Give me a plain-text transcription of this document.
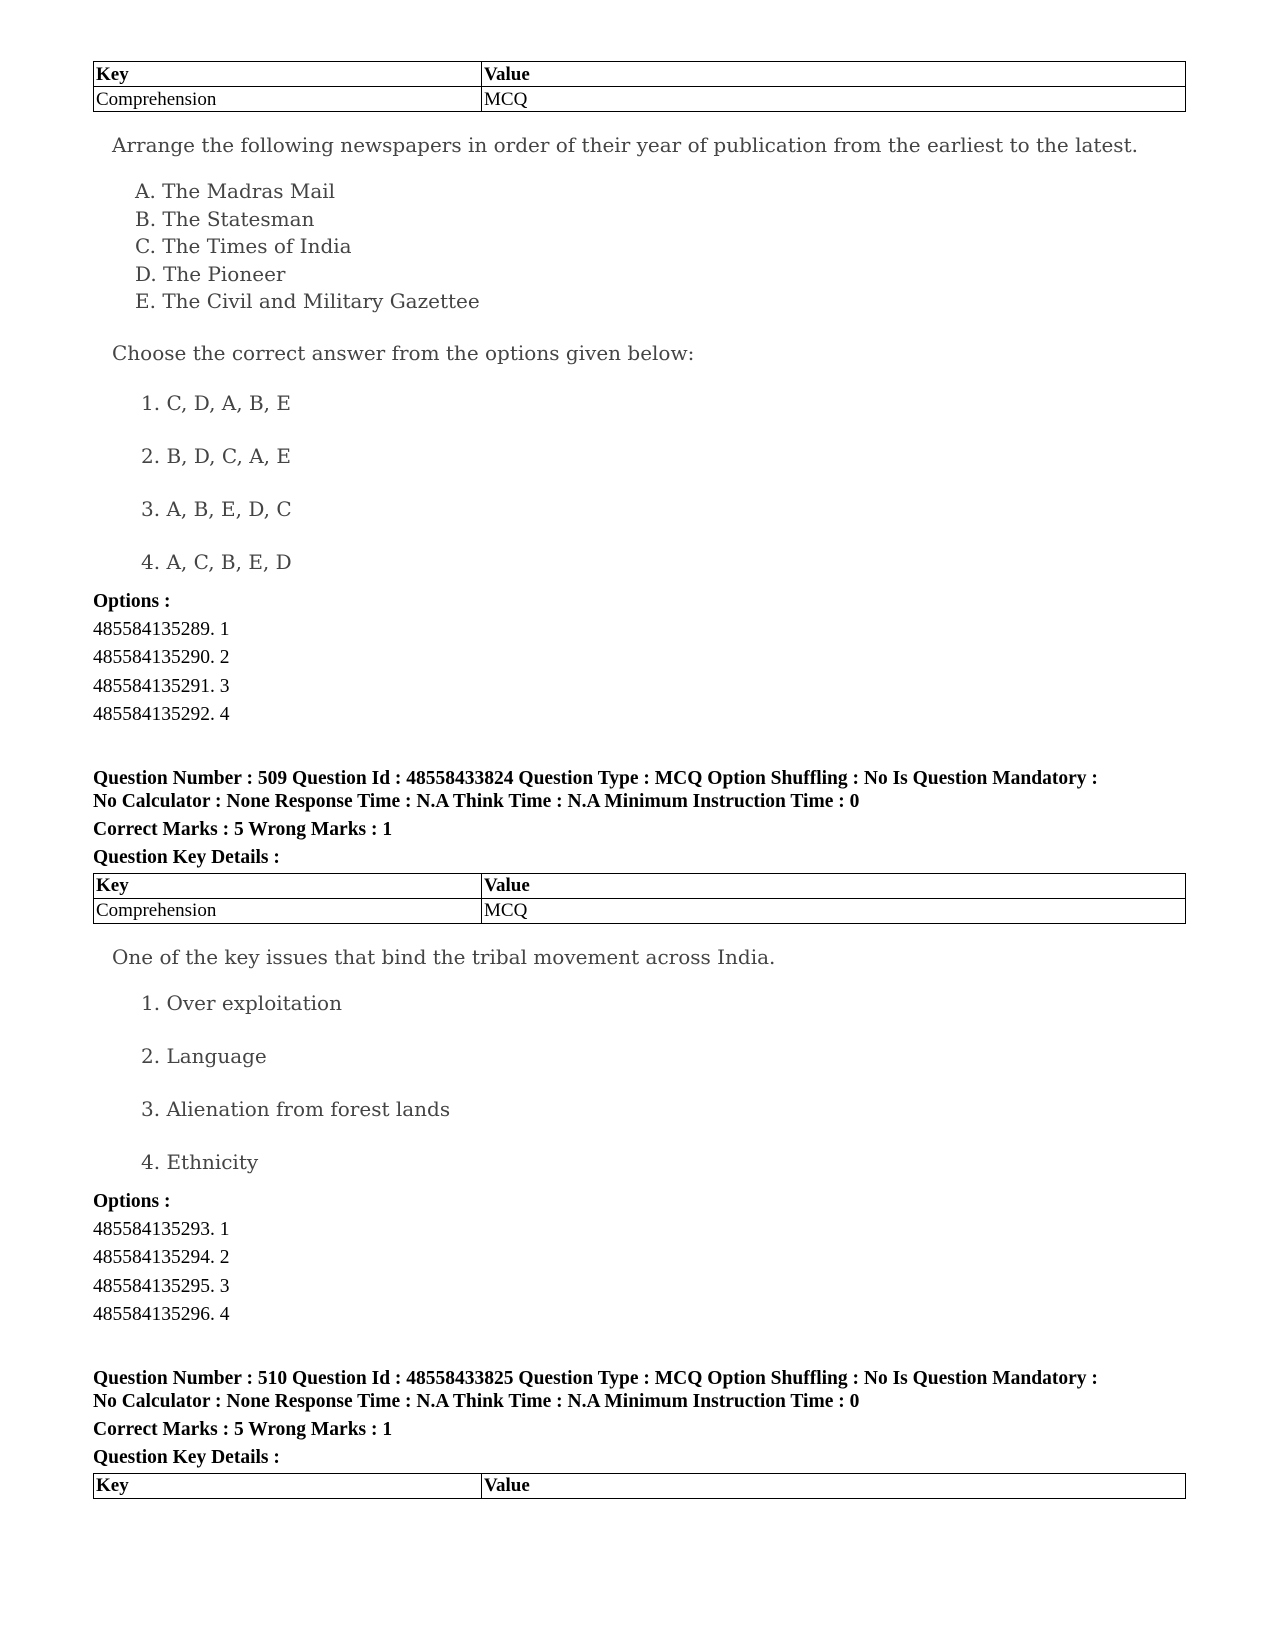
Key	Value
Comprehension	MCQ

Arrange the following newspapers in order of their year of publication from the earliest to the latest.

A. The Madras Mail
B. The Statesman
C. The Times of India
D. The Pioneer
E. The Civil and Military Gazettee

Choose the correct answer from the options given below:

1. C, D, A, B, E
2. B, D, C, A, E
3. A, B, E, D, C
4. A, C, B, E, D

Options :

485584135289. 1
485584135290. 2
485584135291. 3
485584135292. 4

Question Number : 509 Question Id : 48558433824 Question Type : MCQ Option Shuffling : No Is Question Mandatory :

No Calculator : None Response Time : N.A Think Time : N.A Minimum Instruction Time : 0

Correct Marks : 5 Wrong Marks : 1

Question Key Details :

Key	Value
Comprehension	MCQ

One of the key issues that bind the tribal movement across India.

1. Over exploitation
2. Language
3. Alienation from forest lands
4. Ethnicity

Options :

485584135293. 1
485584135294. 2
485584135295. 3
485584135296. 4

Question Number : 510 Question Id : 48558433825 Question Type : MCQ Option Shuffling : No Is Question Mandatory :

No Calculator : None Response Time : N.A Think Time : N.A Minimum Instruction Time : 0

Correct Marks : 5 Wrong Marks : 1

Question Key Details :

Key	Value
